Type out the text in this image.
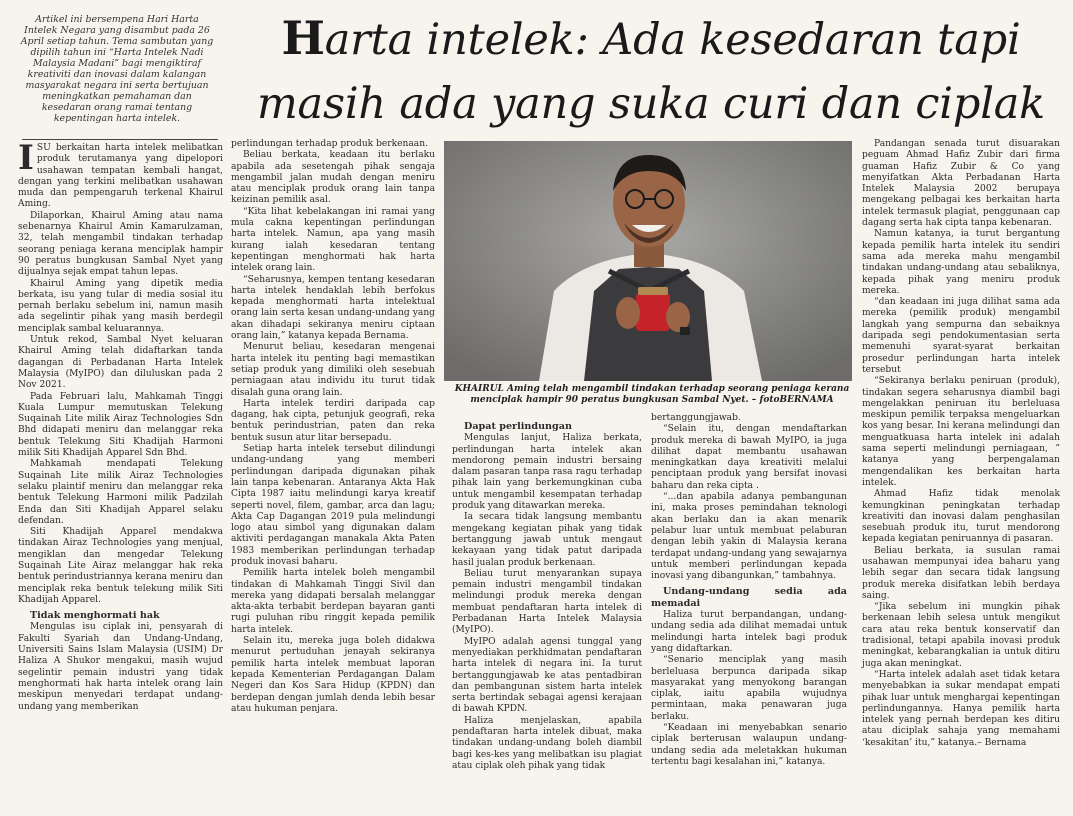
Artikel ini bersempena Hari Harta Intelek Negara yang disambut pada 26 April setiap tahun. Tema sambutan yang dipilih tahun ini “Harta Intelek Nadi Malaysia Madani” bagi mengiktiraf kreativiti dan inovasi dalam kalangan masyarakat negara ini serta bertujuan meningkatkan pemahaman dan kesedaran orang ramai tentang kepentingan harta intelek.
Harta intelek: Ada kesedaran tapi
masih ada yang suka curi dan ciplak

ISU berkaitan harta intelek melibatkan produk terutamanya yang dipelopori usahawan tempatan kembali hangat, dengan yang terkini melibatkan usahawan muda dan pempengaruh terkenal Khairul Aming.

Dilaporkan, Khairul Aming atau nama sebenarnya Khairul Amin Kamarulzaman, 32, telah mengambil tindakan terhadap seorang peniaga kerana menciplak hampir 90 peratus bungkusan Sambal Nyet yang dijualnya sejak empat tahun lepas.

Khairul Aming yang dipetik media berkata, isu yang tular di media sosial itu pernah berlaku sebelum ini, namun masih ada segelintir pihak yang masih berdegil menciplak sambal keluarannya.

Untuk rekod, Sambal Nyet keluaran Khairul Aming telah didaftarkan tanda dagangan di Perbadanan Harta Intelek Malaysia (MyIPO) dan diluluskan pada 2 Nov 2021.

Pada Februari lalu, Mahkamah Tinggi Kuala Lumpur memutuskan Telekung Suqainah Lite milik Airaz Technologies Sdn Bhd didapati meniru dan melanggar reka bentuk Telekung Siti Khadijah Harmoni milik Siti Khadijah Apparel Sdn Bhd.

Mahkamah mendapati Telekung Suqainah Lite milik Airaz Technologies selaku plaintif meniru dan melanggar reka bentuk Telekung Harmoni milik Padzilah Enda dan Siti Khadijah Apparel selaku defendan.

Siti Khadijah Apparel mendakwa tindakan Airaz Technologies yang menjual, mengiklan dan mengedar Telekung Suqainah Lite Airaz melanggar hak reka bentuk perindustriannya kerana meniru dan menciplak reka bentuk telekung milik Siti Khadijah Apparel.

Tidak menghormati hak

Mengulas isu ciplak ini, pensyarah di Fakulti Syariah dan Undang-Undang, Universiti Sains Islam Malaysia (USIM) Dr Haliza A Shukor mengakui, masih wujud segelintir pemain industri yang tidak menghormati hak harta intelek orang lain meskipun menyedari terdapat undang-undang yang memberikan

perlindungan terhadap produk berkenaan.

Beliau berkata, keadaan itu berlaku apabila ada sesetengah pihak sengaja mengambil jalan mudah dengan meniru atau menciplak produk orang lain tanpa keizinan pemilik asal.

“Kita lihat kebelakangan ini ramai yang mula cakna kepentingan perlindungan harta intelek. Namun, apa yang masih kurang ialah kesedaran tentang kepentingan menghormati hak harta intelek orang lain.

“Seharusnya, kempen tentang kesedaran harta intelek hendaklah lebih berfokus kepada menghormati harta intelektual orang lain serta kesan undang-undang yang akan dihadapi sekiranya meniru ciptaan orang lain,” katanya kepada Bernama.

Menurut beliau, kesedaran mengenai harta intelek itu penting bagi memastikan setiap produk yang dimiliki oleh sesebuah perniagaan atau individu itu turut tidak disalah guna orang lain.

Harta intelek terdiri daripada cap dagang, hak cipta, petunjuk geografi, reka bentuk perindustrian, paten dan reka bentuk susun atur litar bersepadu.

Setiap harta intelek tersebut dilindungi undang-undang yang memberi perlindungan daripada digunakan pihak lain tanpa kebenaran. Antaranya Akta Hak Cipta 1987 iaitu melindungi karya kreatif seperti novel, filem, gambar, arca dan lagu; Akta Cap Dagangan 2019 pula melindungi logo atau simbol yang digunakan dalam aktiviti perdagangan manakala Akta Paten 1983 memberikan perlindungan terhadap produk inovasi baharu.

Pemilik harta intelek boleh mengambil tindakan di Mahkamah Tinggi Sivil dan mereka yang didapati bersalah melanggar akta-akta terbabit berdepan bayaran ganti rugi puluhan ribu ringgit kepada pemilik harta intelek.

Selain itu, mereka juga boleh didakwa menurut pertuduhan jenayah sekiranya pemilik harta intelek membuat laporan kepada Kementerian Perdagangan Dalam Negeri dan Kos Sara Hidup (KPDN) dan berdepan dengan jumlah denda lebih besar atau hukuman penjara.

KHAIRUL Aming telah mengambil tindakan terhadap seorang peniaga kerana menciplak hampir 90 peratus bungkusan Sambal Nyet. – fotoBERNAMA
Dapat perlindungan

Mengulas lanjut, Haliza berkata, perlindungan harta intelek akan mendorong pemain industri bersaing dalam pasaran tanpa rasa ragu terhadap pihak lain yang berkemungkinan cuba untuk mengambil kesempatan terhadap produk yang ditawarkan mereka.

Ia secara tidak langsung membantu mengekang kegiatan pihak yang tidak bertanggung jawab untuk mengaut kekayaan yang tidak patut daripada hasil jualan produk berkenaan.

Beliau turut menyarankan supaya pemain industri mengambil tindakan melindungi produk mereka dengan membuat pendaftaran harta intelek di Perbadanan Harta Intelek Malaysia (MyIPO).

MyIPO adalah agensi tunggal yang menyediakan perkhidmatan pendaftaran harta intelek di negara ini. Ia turut bertanggungjawab ke atas pentadbiran dan pembangunan sistem harta intelek serta bertindak sebagai agensi kerajaan di bawah KPDN.

Haliza menjelaskan, apabila pendaftaran harta intelek dibuat, maka tindakan undang-undang boleh diambil bagi kes-kes yang melibatkan isu plagiat atau ciplak oleh pihak yang tidak

bertanggungjawab.

“Selain itu, dengan mendaftarkan produk mereka di bawah MyIPO, ia juga dilihat dapat membantu usahawan meningkatkan daya kreativiti melalui penciptaan produk yang bersifat inovasi baharu dan reka cipta .

“...dan apabila adanya pembangunan ini, maka proses pemindahan teknologi akan berlaku dan ia akan menarik pelabur luar untuk membuat pelaburan dengan lebih yakin di Malaysia kerana terdapat undang-undang yang sewajarnya untuk memberi perlindungan kepada inovasi yang dibangunkan,” tambahnya.

Undang-undang sedia ada memadai

Haliza turut berpandangan, undang-undang sedia ada dilihat memadai untuk melindungi harta intelek bagi produk yang didaftarkan.

“Senario menciplak yang masih berleluasa berpunca daripada sikap masyarakat yang menyokong barangan ciplak, iaitu apabila wujudnya permintaan, maka penawaran juga berlaku.

“Keadaan ini menyebabkan senario ciplak berterusan walaupun undang-undang sedia ada meletakkan hukuman tertentu bagi kesalahan ini,” katanya.

Pandangan senada turut disuarakan peguam Ahmad Hafiz Zubir dari firma guaman Hafiz Zubir & Co yang menyifatkan Akta Perbadanan Harta Intelek Malaysia 2002 berupaya mengekang pelbagai kes berkaitan harta intelek termasuk plagiat, penggunaan cap dagang serta hak cipta tanpa kebenaran.

Namun katanya, ia turut bergantung kepada pemilik harta intelek itu sendiri sama ada mereka mahu mengambil tindakan undang-undang atau sebaliknya, kepada pihak yang meniru produk mereka.

“dan keadaan ini juga dilihat sama ada mereka (pemilik produk) mengambil langkah yang sempurna dan sebaiknya daripada segi pendokumentasian serta memenuhi syarat-syarat berkaitan prosedur perlindungan harta intelek tersebut

“Sekiranya berlaku peniruan (produk), tindakan segera seharusnya diambil bagi mengelakkan peniruan itu berleluasa meskipun pemilik terpaksa mengeluarkan kos yang besar. Ini kerana melindungi dan menguatkuasa harta intelek ini adalah sama seperti melindungi perniagaan, ” katanya yang berpengalaman mengendalikan kes berkaitan harta intelek.

Ahmad Hafiz tidak menolak kemungkinan peningkatan terhadap kreativiti dan inovasi dalam penghasilan sesebuah produk itu, turut mendorong kepada kegiatan peniruannya di pasaran.

Beliau berkata, ia susulan ramai usahawan mempunyai idea baharu yang lebih segar dan secara tidak langsung produk mereka disifatkan lebih berdaya saing.

“Jika sebelum ini mungkin pihak berkenaan lebih selesa untuk mengikut cara atau reka bentuk konservatif dan tradisional, tetapi apabila inovasi produk meningkat, kebarangkalian ia untuk ditiru juga akan meningkat.

“Harta intelek adalah aset tidak ketara menyebabkan ia sukar mendapat empati pihak luar untuk menghargai kepentingan perlindungannya. Hanya pemilik harta intelek yang pernah berdepan kes ditiru atau diciplak sahaja yang memahami ‘kesakitan’ itu,” katanya.– Bernama
